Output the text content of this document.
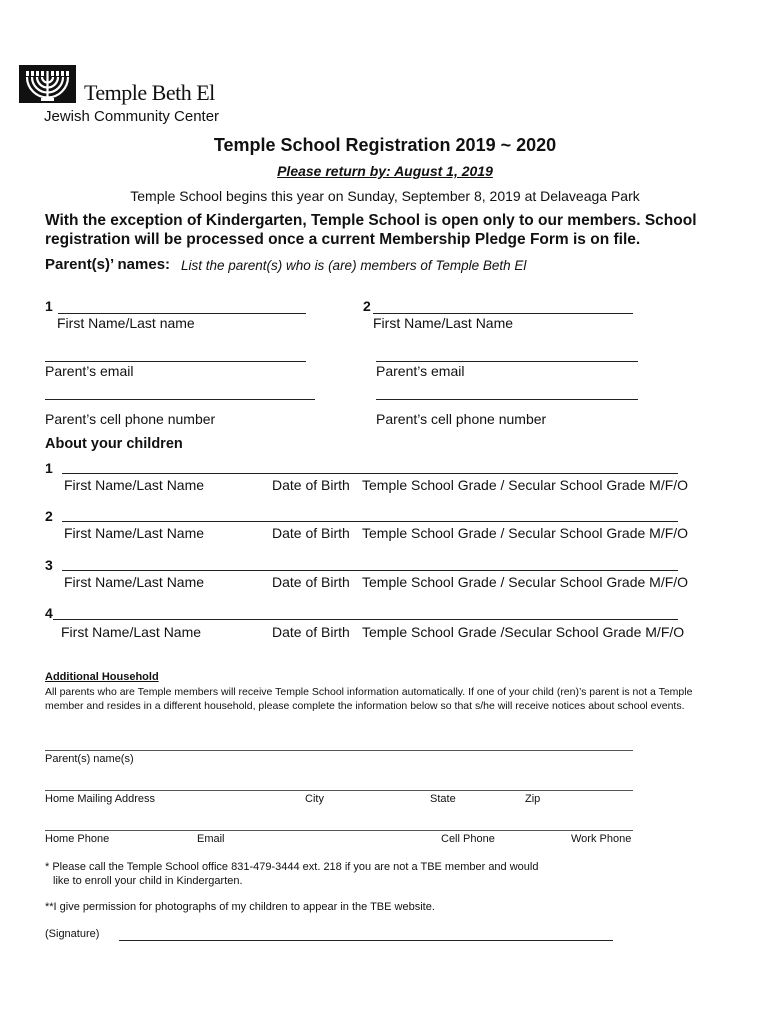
Temple Beth El
Jewish Community Center
Temple School Registration 2019 ~ 2020
Please return by: August 1, 2019
Temple School begins this year on Sunday, September 8, 2019 at Delaveaga Park
With the exception of Kindergarten, Temple School is open only to our members. School registration will be processed once a current Membership Pledge Form is on file.
Parent(s)’ names: List the parent(s) who is (are) members of Temple Beth El
1
First Name/Last name
2
First Name/Last Name
Parent’s email	Parent’s email
Parent’s cell phone number	Parent’s cell phone number
About your children
1
First Name/Last Name	Date of Birth Temple School Grade / Secular School Grade M/F/O
2
First Name/Last Name	Date of Birth Temple School Grade / Secular School Grade M/F/O
3
First Name/Last Name	Date of Birth Temple School Grade / Secular School Grade M/F/O
4
First Name/Last Name	Date of Birth Temple School Grade /Secular School Grade M/F/O
Additional Household
All parents who are Temple members will receive Temple School information automatically. If one of your child (ren)’s parent is not a Temple member and resides in a different household, please complete the information below so that s/he will receive notices about school events.
Parent(s) name(s)
Home Mailing Address	City	State	Zip
Home Phone	Email	Cell Phone	Work Phone
* Please call the Temple School office 831-479-3444 ext. 218 if you are not a TBE member and would
like to enroll your child in Kindergarten.
**I give permission for photographs of my children to appear in the TBE website.
(Signature)
